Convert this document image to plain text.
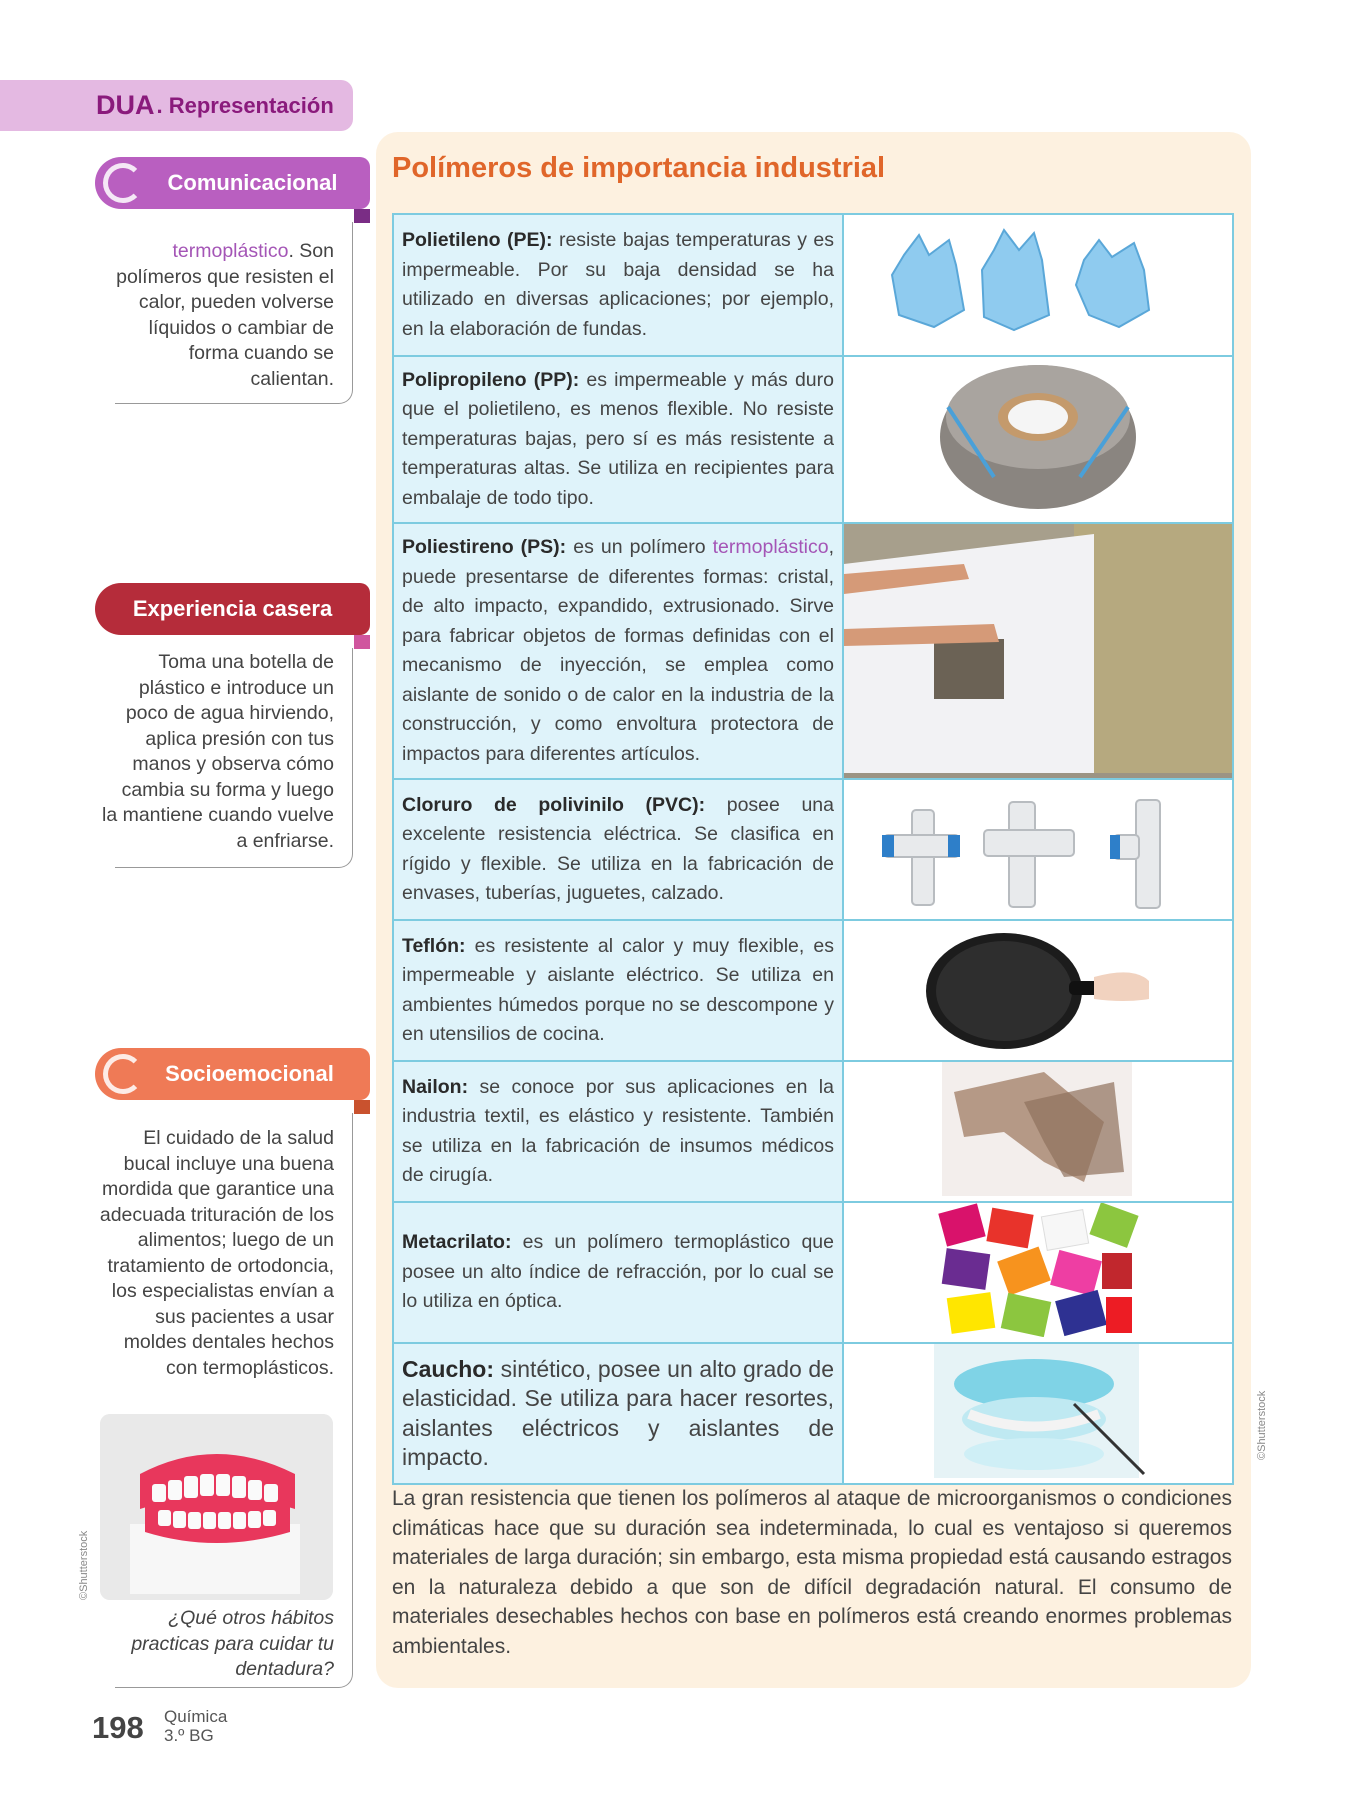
DUA . Representación
Comunicacional
termoplástico. Son polímeros que resisten el calor, pueden volverse líquidos o cambiar de forma cuando se calientan.
Experiencia casera
Toma una botella de plástico e introduce un poco de agua hirviendo, aplica presión con tus manos y observa cómo cambia su forma y luego la mantiene cuando vuelve a enfriarse.
Socioemocional
El cuidado de la salud bucal incluye una buena mordida que garantice una adecuada trituración de los alimentos; luego de un tratamiento de ortodoncia, los especialistas envían a sus pacientes a usar moldes dentales hechos con termoplásticos.
©Shutterstock
¿Qué otros hábitos practicas para cuidar tu dentadura?
Polímeros de importancia industrial
Polietileno (PE): resiste bajas temperaturas y es impermeable. Por su baja densidad se ha utilizado en diversas aplicaciones; por ejemplo, en la elaboración de fundas.	
Polipropileno (PP): es impermeable y más duro que el polietileno, es menos flexible. No resiste temperaturas bajas, pero sí es más resistente a temperaturas altas. Se utiliza en recipientes para embalaje de todo tipo.	
Poliestireno (PS): es un polímero termoplástico, puede presentarse de diferentes formas: cristal, de alto impacto, expandido, extrusionado. Sirve para fabricar objetos de formas definidas con el mecanismo de inyección, se emplea como aislante de sonido o de calor en la industria de la construcción, y como envoltura protectora de impactos para diferentes artículos.	
Cloruro de polivinilo (PVC): posee una excelente resistencia eléctrica. Se clasifica en rígido y flexible. Se utiliza en la fabricación de envases, tuberías, juguetes, calzado.	
Teflón: es resistente al calor y muy flexible, es impermeable y aislante eléctrico. Se utiliza en ambientes húmedos porque no se descompone y en utensilios de cocina.	
Nailon: se conoce por sus aplicaciones en la industria textil, es elástico y resistente. También se utiliza en la fabricación de insumos médicos de cirugía.	
Metacrilato: es un polímero termoplástico que posee un alto índice de refracción, por lo cual se lo utiliza en óptica.	
Caucho: sintético, posee un alto grado de elasticidad. Se utiliza para hacer resortes, aislantes eléctricos y aislantes de impacto.		©Shutterstock
La gran resistencia que tienen los polímeros al ataque de microorganismos o condiciones climáticas hace que su duración sea indeterminada, lo cual es ventajoso si queremos materiales de larga duración; sin embargo, esta misma propiedad está causando estragos en la naturaleza debido a que son de difícil degradación natural. El consumo de materiales desechables hechos con base en polímeros está creando enormes problemas ambientales.
198 Química
3.º BG
